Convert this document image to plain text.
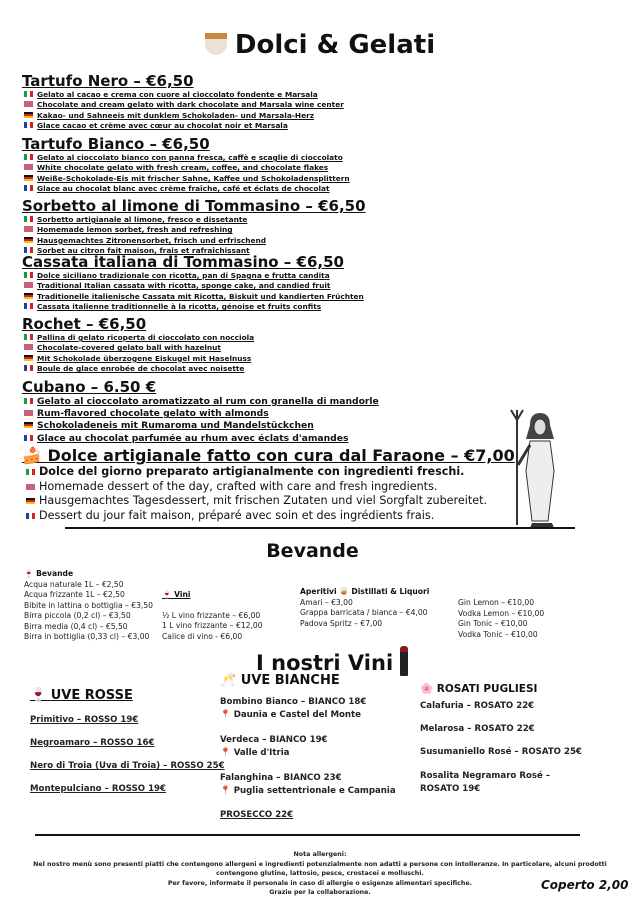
Dolci & Gelati
Tartufo Nero – €6,50
Gelato al cacao e crema con cuore al cioccolato fondente e Marsala
Chocolate and cream gelato with dark chocolate and Marsala wine center
Kakao- und Sahneeis mit dunklem Schokoladen- und Marsala-Herz
Glace cacao et crème avec cœur au chocolat noir et Marsala
Tartufo Bianco – €6,50
Gelato al cioccolato bianco con panna fresca, caffè e scaglie di cioccolato
White chocolate gelato with fresh cream, coffee, and chocolate flakes
Weiße-Schokolade-Eis mit frischer Sahne, Kaffee und Schokoladensplittern
Glace au chocolat blanc avec crème fraîche, café et éclats de chocolat
Sorbetto al limone di Tommasino – €6,50
Sorbetto artigianale al limone, fresco e dissetante
Homemade lemon sorbet, fresh and refreshing
Hausgemachtes Zitronensorbet, frisch und erfrischend
Sorbet au citron fait maison, frais et rafraîchissant
Cassata italiana di Tommasino – €6,50
Dolce siciliano tradizionale con ricotta, pan di Spagna e frutta candita
Traditional Italian cassata with ricotta, sponge cake, and candied fruit
Traditionelle italienische Cassata mit Ricotta, Biskuit und kandierten Früchten
Cassata italienne traditionnelle à la ricotta, génoise et fruits confits
Rochet – €6,50
Pallina di gelato ricoperta di cioccolato con nocciola
Chocolate-covered gelato ball with hazelnut
Mit Schokolade überzogene Eiskugel mit Haselnuss
Boule de glace enrobée de chocolat avec noisette
Cubano – 6.50 €
Gelato al cioccolato aromatizzato al rum con granella di mandorle
Rum-flavored chocolate gelato with almonds
Schokoladeneis mit Rumaroma und Mandelstückchen
Glace au chocolat parfumée au rhum avec éclats d'amandes
🍰 Dolce artigianale fatto con cura dal Faraone – €7,00
Dolce del giorno preparato artigianalmente con ingredienti freschi.
Homemade dessert of the day, crafted with care and fresh ingredients.
Hausgemachtes Tagesdessert, mit frischen Zutaten und viel Sorgfalt zubereitet.
Dessert du jour fait maison, préparé avec soin et des ingrédients frais.
Bevande
🍷 Bevande
Acqua naturale 1L – €2,50
Acqua frizzante 1L – €2,50
Bibite in lattina o bottiglia – €3,50
Birra piccola (0,2 cl) – €3,50
Birra media (0,4 cl) – €5,50
Birra in bottiglia (0,33 cl) – €3,00
🍷 Vini
½ L vino frizzante – €6,00
1 L vino frizzante – €12,00
Calice di vino - €6,00
Aperitivi 🥃 Distillati & Liquori
Amari – €3,00
Grappa barricata / bianca – €4,00
Padova Spritz – €7,00
Gin Lemon – €10,00
Vodka Lemon – €10,00
Gin Tonic – €10,00
Vodka Tonic – €10,00
I nostri Vini
🍷 UVE ROSSE
Primitivo – ROSSO 19€
Negroamaro – ROSSO 16€
Nero di Troia (Uva di Troia) – ROSSO 25€
Montepulciano – ROSSO 19€
🥂 UVE BIANCHE
Bombino Bianco – BIANCO 18€
📍 Daunia e Castel del Monte
Verdeca – BIANCO 19€
📍 Valle d'Itria
Falanghina – BIANCO 23€
📍 Puglia settentrionale e Campania
PROSECCO 22€
🌸 ROSATI PUGLIESI
Calafuria – ROSATO 22€
Melarosa – ROSATO 22€
Susumaniello Rosé – ROSATO 25€
Rosalita Negramaro Rosé – ROSATO 19€
Nota allergeni:
Nel nostro menù sono presenti piatti che contengono allergeni e ingredienti potenzialmente non adatti a persone con intolleranze. In particolare, alcuni prodotti
contengono glutine, lattosio, pesce, crostacei e molluschi.
Per favore, informate il personale in caso di allergie o esigenze alimentari specifiche.
Grazie per la collaborazione.
Coperto 2,00
